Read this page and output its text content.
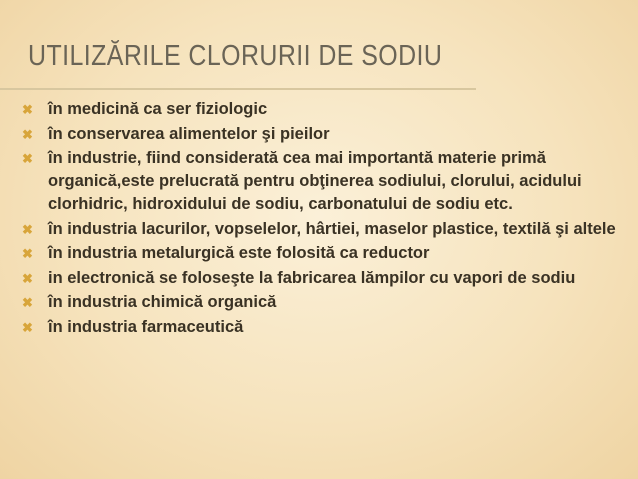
UTILIZĂRILE CLORURII DE SODIU
✖ în medicină ca ser fiziologic
✖ în conservarea alimentelor şi pieilor
✖ în industrie, fiind considerată cea mai importantă materie primă organică,este prelucrată pentru obţinerea sodiului, clorului, acidului clorhidric, hidroxidului de sodiu, carbonatului de sodiu etc.
✖ în industria lacurilor, vopselelor, hârtiei, maselor plastice, textilă şi altele
✖ în industria metalurgică este folosită ca reductor
✖ in electronică se foloseşte la fabricarea lămpilor cu vapori de sodiu
✖ în industria chimică organică
✖ în industria farmaceutică
